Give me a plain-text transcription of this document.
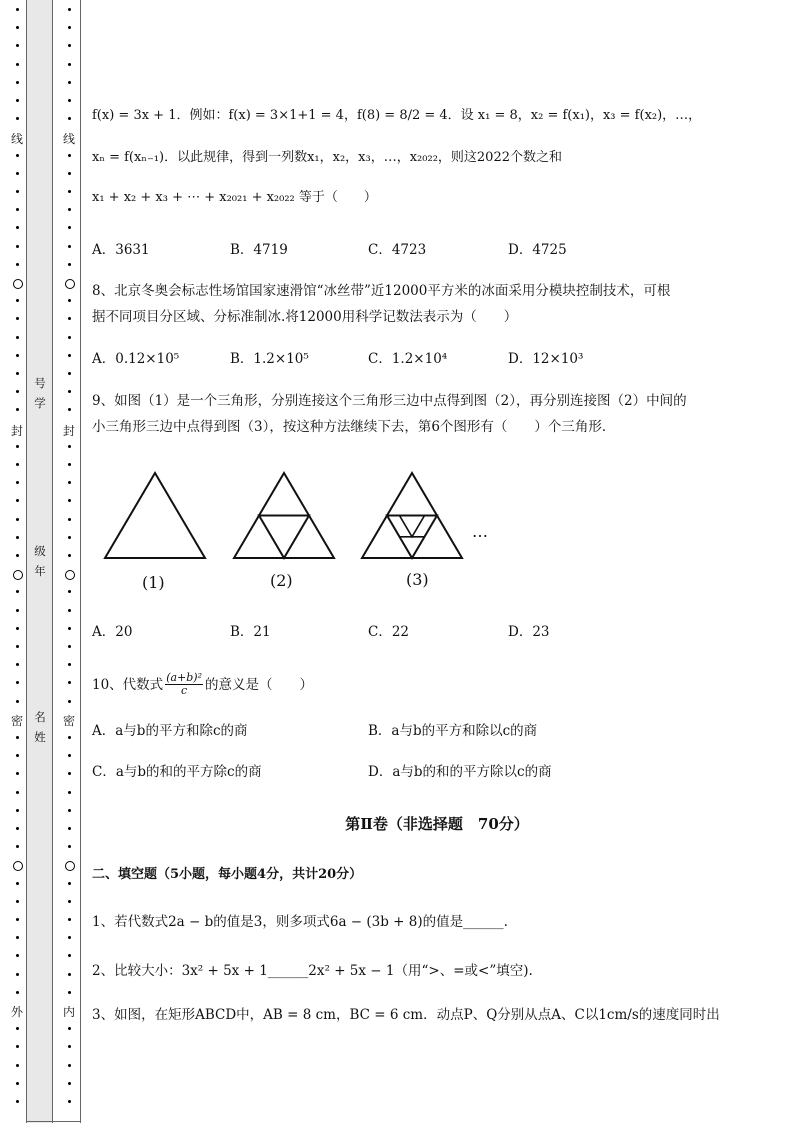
线
封
密
外
线
封
密
内
号
学
级
年
名
姓
f(x) = 3x + 1．例如：f(x) = 3×1+1 = 4，f(8) = 8/2 = 4．设 x₁ = 8，x₂ = f(x₁)，x₃ = f(x₂)，…，
xₙ = f(xₙ₋₁)．以此规律，得到一列数x₁，x₂，x₃，…，x₂₀₂₂，则这2022个数之和
x₁ + x₂ + x₃ + ⋯ + x₂₀₂₁ + x₂₀₂₂ 等于（　　）
A．3631	B．4719	C．4723	D．4725
8、北京冬奥会标志性场馆国家速滑馆“冰丝带”近12000平方米的冰面采用分模块控制技术，可根
据不同项目分区域、分标准制冰.将12000用科学记数法表示为（　　）
A．0.12×10⁵	B．1.2×10⁵	C．1.2×10⁴	D．12×10³
9、如图（1）是一个三角形，分别连接这个三角形三边中点得到图（2），再分别连接图（2）中间的
小三角形三边中点得到图（3），按这种方法继续下去，第6个图形有（　　）个三角形．
(1)	(2)	(3)
…
A．20	B．21	C．22	D．23
10、代数式 $\frac{\text{(a+b)²}}{c}$ 的意义是（　　）
A．a与b的平方和除c的商	B．a与b的平方和除以c的商
C．a与b的和的平方除c的商	D．a与b的和的平方除以c的商
第Ⅱ卷（非选择题　70分）
二、填空题（5小题，每小题4分，共计20分）
1、若代数式2a − b的值是3，则多项式6a − (3b + 8)的值是______.
2、比较大小：3x² + 5x + 1______2x² + 5x − 1（用“>、=或<”填空).
3、如图，在矩形ABCD中，AB = 8 cm，BC = 6 cm．动点P、Q分别从点A、C以1cm/s的速度同时出
